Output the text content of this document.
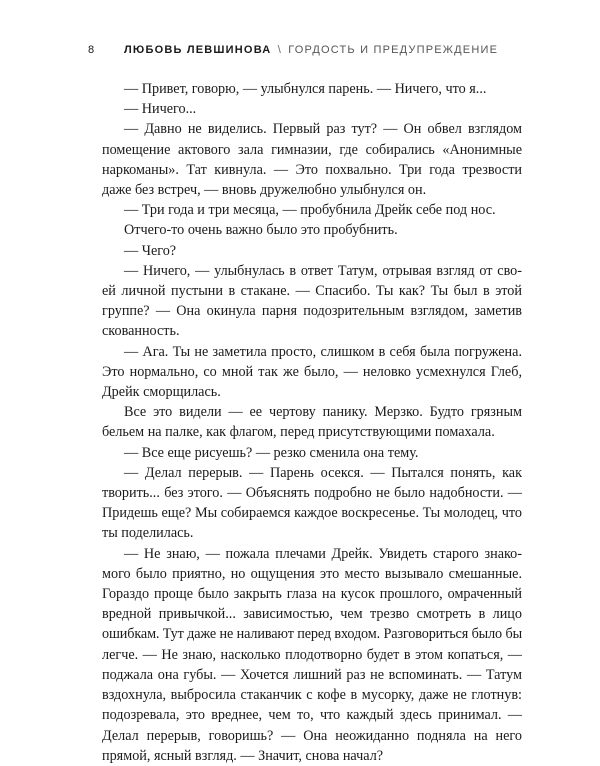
8	ЛЮБОВЬ ЛЕВШИНОВА \ ГОРДОСТЬ И ПРЕДУПРЕЖДЕНИЕ
— Привет, говорю, — улыбнулся парень. — Ничего, что я...
— Ничего...
— Давно не виделись. Первый раз тут? — Он обвел взглядом
помещение актового зала гимназии, где собирались «Анонимные
наркоманы». Тат кивнула. — Это похвально. Три года трезвости
даже без встреч, — вновь дружелюбно улыбнулся он.
— Три года и три месяца, — пробубнила Дрейк себе под нос.
Отчего-то очень важно было это пробубнить.
— Чего?
— Ничего, — улыбнулась в ответ Татум, отрывая взгляд от сво-
ей личной пустыни в стакане. — Спасибо. Ты как? Ты был в этой
группе? — Она окинула парня подозрительным взглядом, заметив
скованность.
— Ага. Ты не заметила просто, слишком в себя была погружена.
Это нормально, со мной так же было, — неловко усмехнулся Глеб,
Дрейк сморщилась.
Все это видели — ее чертову панику. Мерзко. Будто грязным
бельем на палке, как флагом, перед присутствующими помахала.
— Все еще рисуешь? — резко сменила она тему.
— Делал перерыв. — Парень осекся. — Пытался понять, как
творить... без этого. — Объяснять подробно не было надобности. —
Придешь еще? Мы собираемся каждое воскресенье. Ты молодец, что
ты поделилась.
— Не знаю, — пожала плечами Дрейк. Увидеть старого знако-
мого было приятно, но ощущения это место вызывало смешанные.
Гораздо проще было закрыть глаза на кусок прошлого, омраченный
вредной привычкой... зависимостью, чем трезво смотреть в лицо
ошибкам. Тут даже не наливают перед входом. Разговориться было бы
легче. — Не знаю, насколько плодотворно будет в этом копаться, —
поджала она губы. — Хочется лишний раз не вспоминать. — Татум
вздохнула, выбросила стаканчик с кофе в мусорку, даже не глотнув:
подозревала, это вреднее, чем то, что каждый здесь принимал. —
Делал перерыв, говоришь? — Она неожиданно подняла на него
прямой, ясный взгляд. — Значит, снова начал?
